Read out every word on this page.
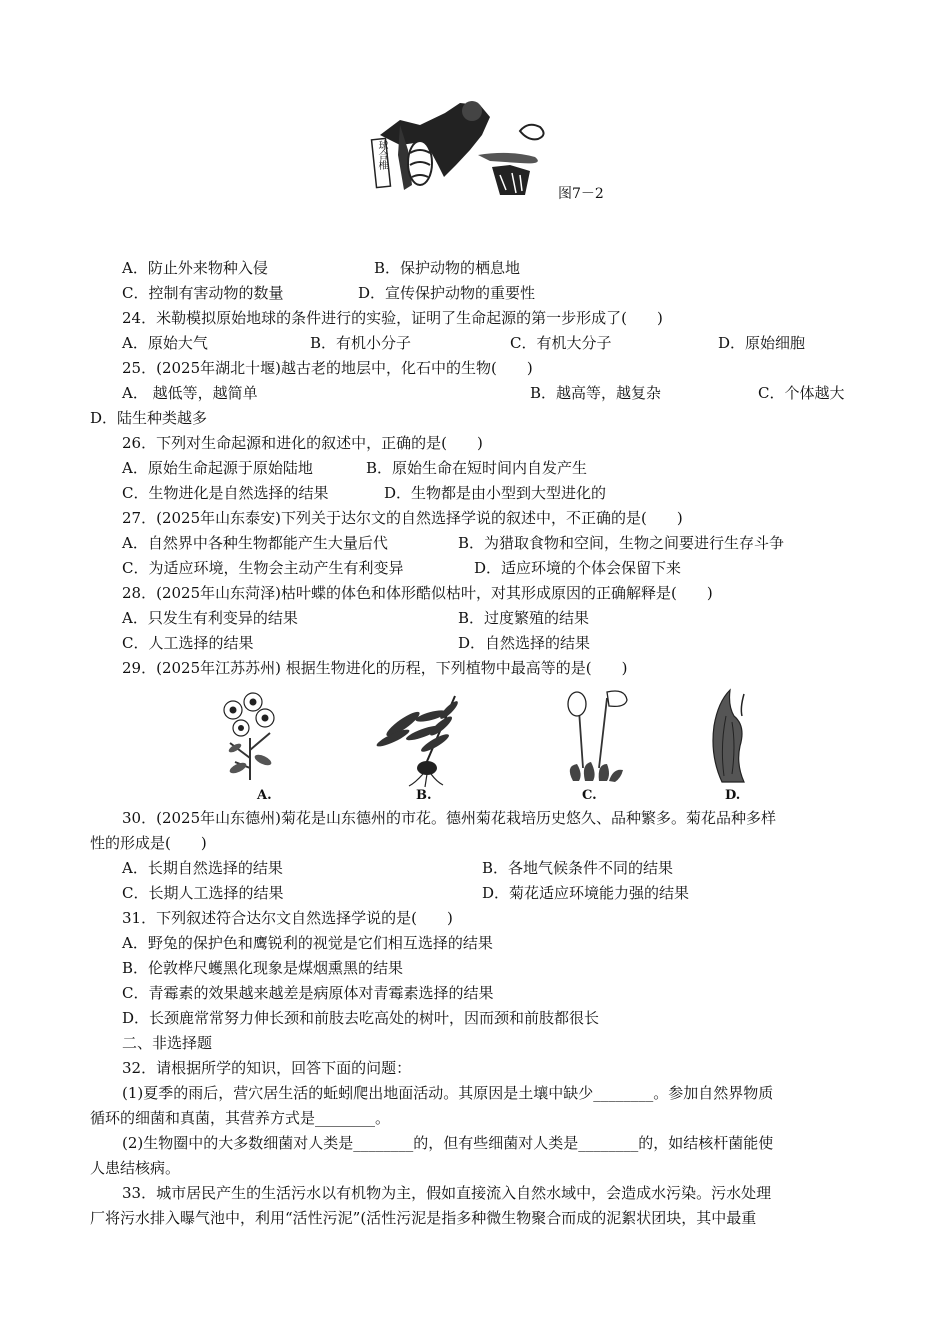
球合椎
图7－2
A．防止外来物种入侵	B．保护动物的栖息地
C．控制有害动物的数量	D．宣传保护动物的重要性
24．米勒模拟原始地球的条件进行的实验，证明了生命起源的第一步形成了(　　)
A．原始大气	B．有机小分子	C．有机大分子	D．原始细胞
25．(2025年湖北十堰)越古老的地层中，化石中的生物(　　)
A． 越低等，越简单	B．越高等，越复杂	C．个体越大
D．陆生种类越多
26．下列对生命起源和进化的叙述中，正确的是(　　)
A．原始生命起源于原始陆地	B．原始生命在短时间内自发产生
C．生物进化是自然选择的结果	D．生物都是由小型到大型进化的
27．(2025年山东泰安)下列关于达尔文的自然选择学说的叙述中，不正确的是(　　)
A．自然界中各种生物都能产生大量后代	B．为猎取食物和空间，生物之间要进行生存斗争
C．为适应环境，生物会主动产生有利变异	D．适应环境的个体会保留下来
28．(2025年山东菏泽)枯叶蝶的体色和体形酷似枯叶，对其形成原因的正确解释是(　　)
A．只发生有利变异的结果	B．过度繁殖的结果
C．人工选择的结果	D．自然选择的结果
29．(2025年江苏苏州) 根据生物进化的历程，下列植物中最高等的是(　　)
A.	B.	C.	D.
30．(2025年山东德州)菊花是山东德州的市花。德州菊花栽培历史悠久、品种繁多。菊花品种多样
性的形成是(　　)
A．长期自然选择的结果	B．各地气候条件不同的结果
C．长期人工选择的结果	D．菊花适应环境能力强的结果
31．下列叙述符合达尔文自然选择学说的是(　　)
A．野兔的保护色和鹰锐利的视觉是它们相互选择的结果
B．伦敦桦尺蠖黑化现象是煤烟熏黑的结果
C．青霉素的效果越来越差是病原体对青霉素选择的结果
D．长颈鹿常常努力伸长颈和前肢去吃高处的树叶，因而颈和前肢都很长
二、非选择题
32．请根据所学的知识，回答下面的问题：
(1)夏季的雨后，营穴居生活的蚯蚓爬出地面活动。其原因是土壤中缺少________。参加自然界物质
循环的细菌和真菌，其营养方式是________。
(2)生物圈中的大多数细菌对人类是________的，但有些细菌对人类是________的，如结核杆菌能使
人患结核病。
33．城市居民产生的生活污水以有机物为主，假如直接流入自然水域中，会造成水污染。污水处理
厂将污水排入曝气池中，利用“活性污泥”(活性污泥是指多种微生物聚合而成的泥絮状团块，其中最重
